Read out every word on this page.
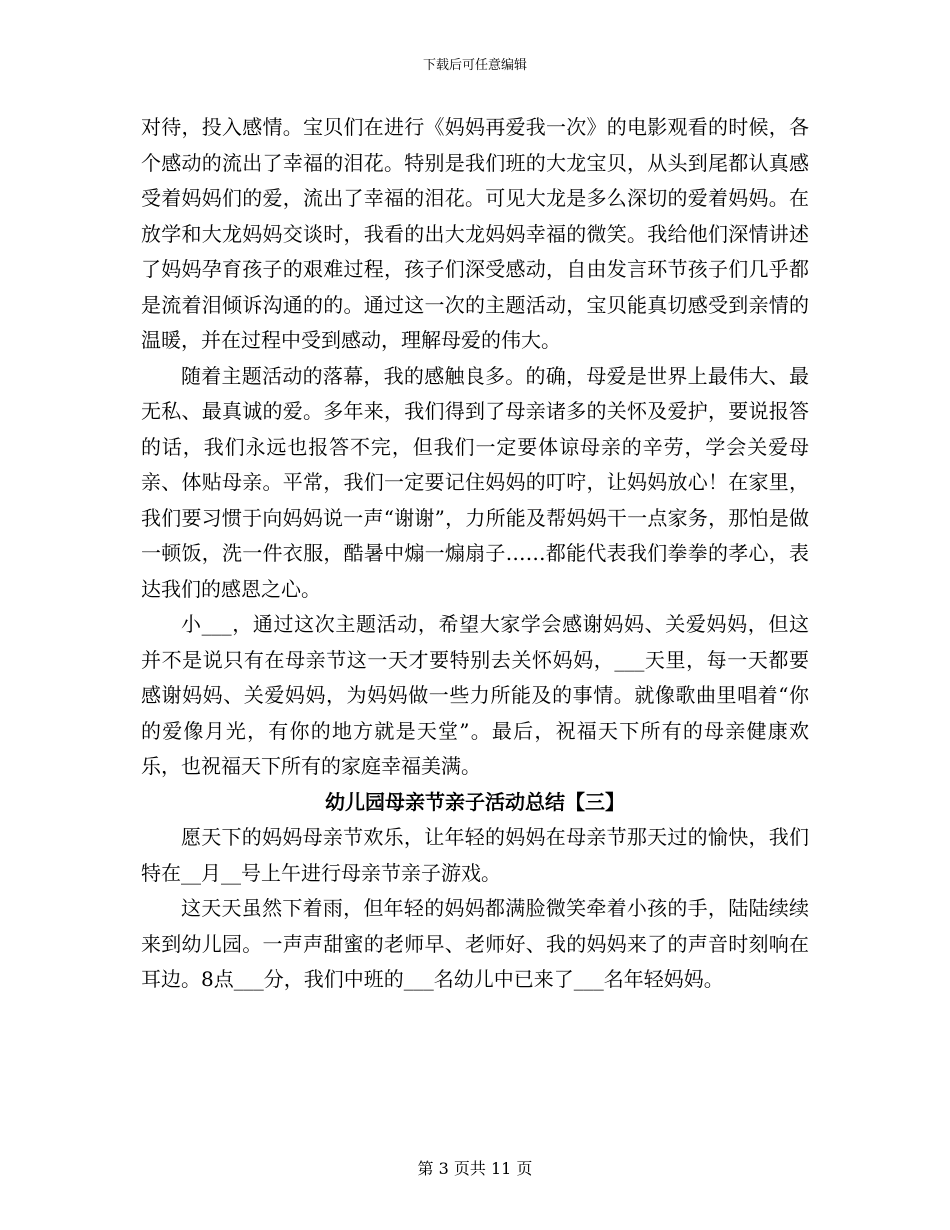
下载后可任意编辑

对待，投入感情。宝贝们在进行《妈妈再爱我一次》的电影观看的时候，各个感动的流出了幸福的泪花。特别是我们班的大龙宝贝，从头到尾都认真感受着妈妈们的爱，流出了幸福的泪花。可见大龙是多么深切的爱着妈妈。在放学和大龙妈妈交谈时，我看的出大龙妈妈幸福的微笑。我给他们深情讲述了妈妈孕育孩子的艰难过程，孩子们深受感动，自由发言环节孩子们几乎都是流着泪倾诉沟通的的。通过这一次的主题活动，宝贝能真切感受到亲情的温暖，并在过程中受到感动，理解母爱的伟大。

随着主题活动的落幕，我的感触良多。的确，母爱是世界上最伟大、最无私、最真诚的爱。多年来，我们得到了母亲诸多的关怀及爱护，要说报答的话，我们永远也报答不完，但我们一定要体谅母亲的辛劳，学会关爱母亲、体贴母亲。平常，我们一定要记住妈妈的叮咛，让妈妈放心！在家里，我们要习惯于向妈妈说一声“谢谢”，力所能及帮妈妈干一点家务，那怕是做一顿饭，洗一件衣服，酷暑中煽一煽扇子……都能代表我们拳拳的孝心，表达我们的感恩之心。

小___，通过这次主题活动，希望大家学会感谢妈妈、关爱妈妈，但这并不是说只有在母亲节这一天才要特别去关怀妈妈，___天里，每一天都要感谢妈妈、关爱妈妈，为妈妈做一些力所能及的事情。就像歌曲里唱着“你的爱像月光，有你的地方就是天堂”。最后，祝福天下所有的母亲健康欢乐，也祝福天下所有的家庭幸福美满。

幼儿园母亲节亲子活动总结【三】

愿天下的妈妈母亲节欢乐，让年轻的妈妈在母亲节那天过的愉快，我们特在__月__号上午进行母亲节亲子游戏。

这天天虽然下着雨，但年轻的妈妈都满脸微笑牵着小孩的手，陆陆续续来到幼儿园。一声声甜蜜的老师早、老师好、我的妈妈来了的声音时刻响在耳边。8点___分，我们中班的___名幼儿中已来了___名年轻妈妈。

第 3 页共 11 页
